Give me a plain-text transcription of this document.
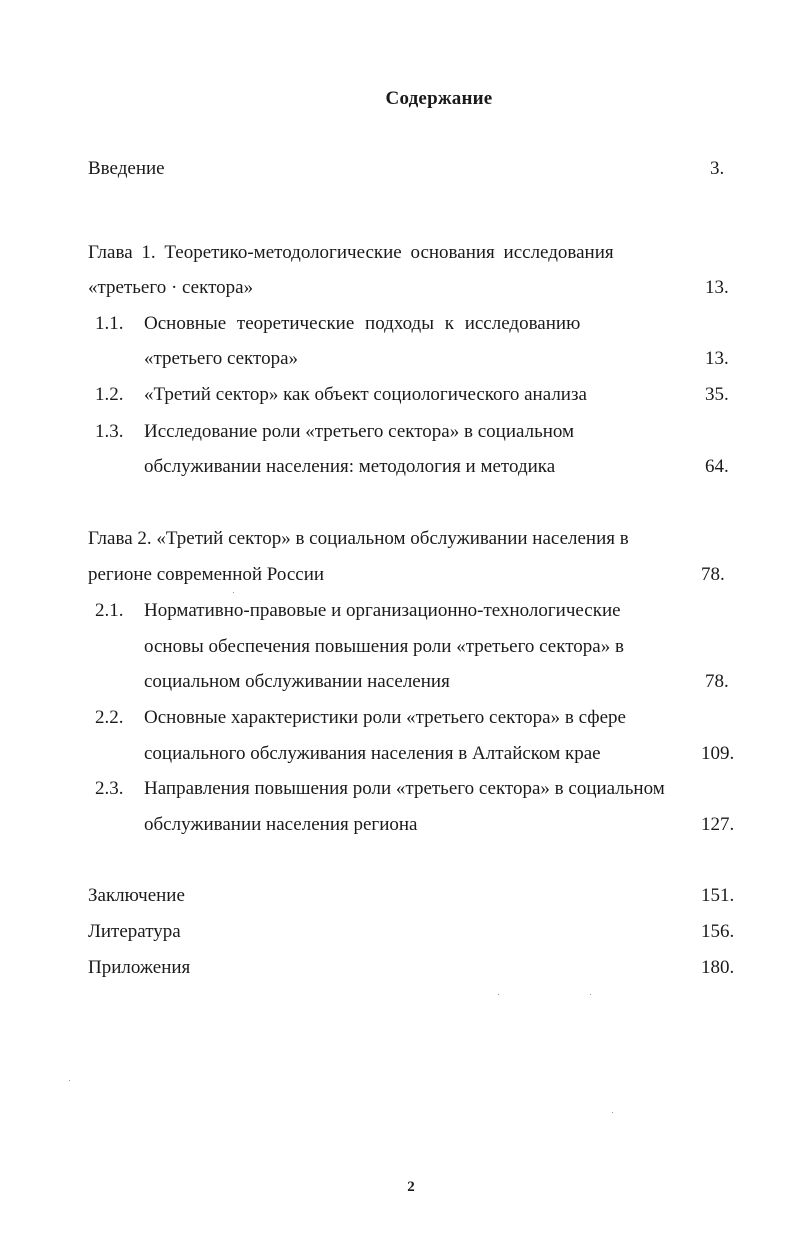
Содержание
Введение	3.
Глава 1. Теоретико-методологические основания исследования
«третьего · сектора»	13.
1.1. Основные теоретические подходы к исследованию
«третьего сектора»	13.
1.2. «Третий сектор» как объект социологического анализа	35.
1.3. Исследование роли «третьего сектора» в социальном
обслуживании населения: методология и методика	64.
Глава 2. «Третий сектор» в социальном обслуживании населения в
регионе современной России	78.
2.1. Нормативно-правовые и организационно-технологические
основы обеспечения повышения роли «третьего сектора» в
социальном обслуживании населения	78.
2.2. Основные характеристики роли «третьего сектора» в сфере
социального обслуживания населения в Алтайском крае	109.
2.3. Направления повышения роли «третьего сектора» в социальном
обслуживании населения региона	127.
Заключение	151.
Литература	156.
Приложения	180.
2
